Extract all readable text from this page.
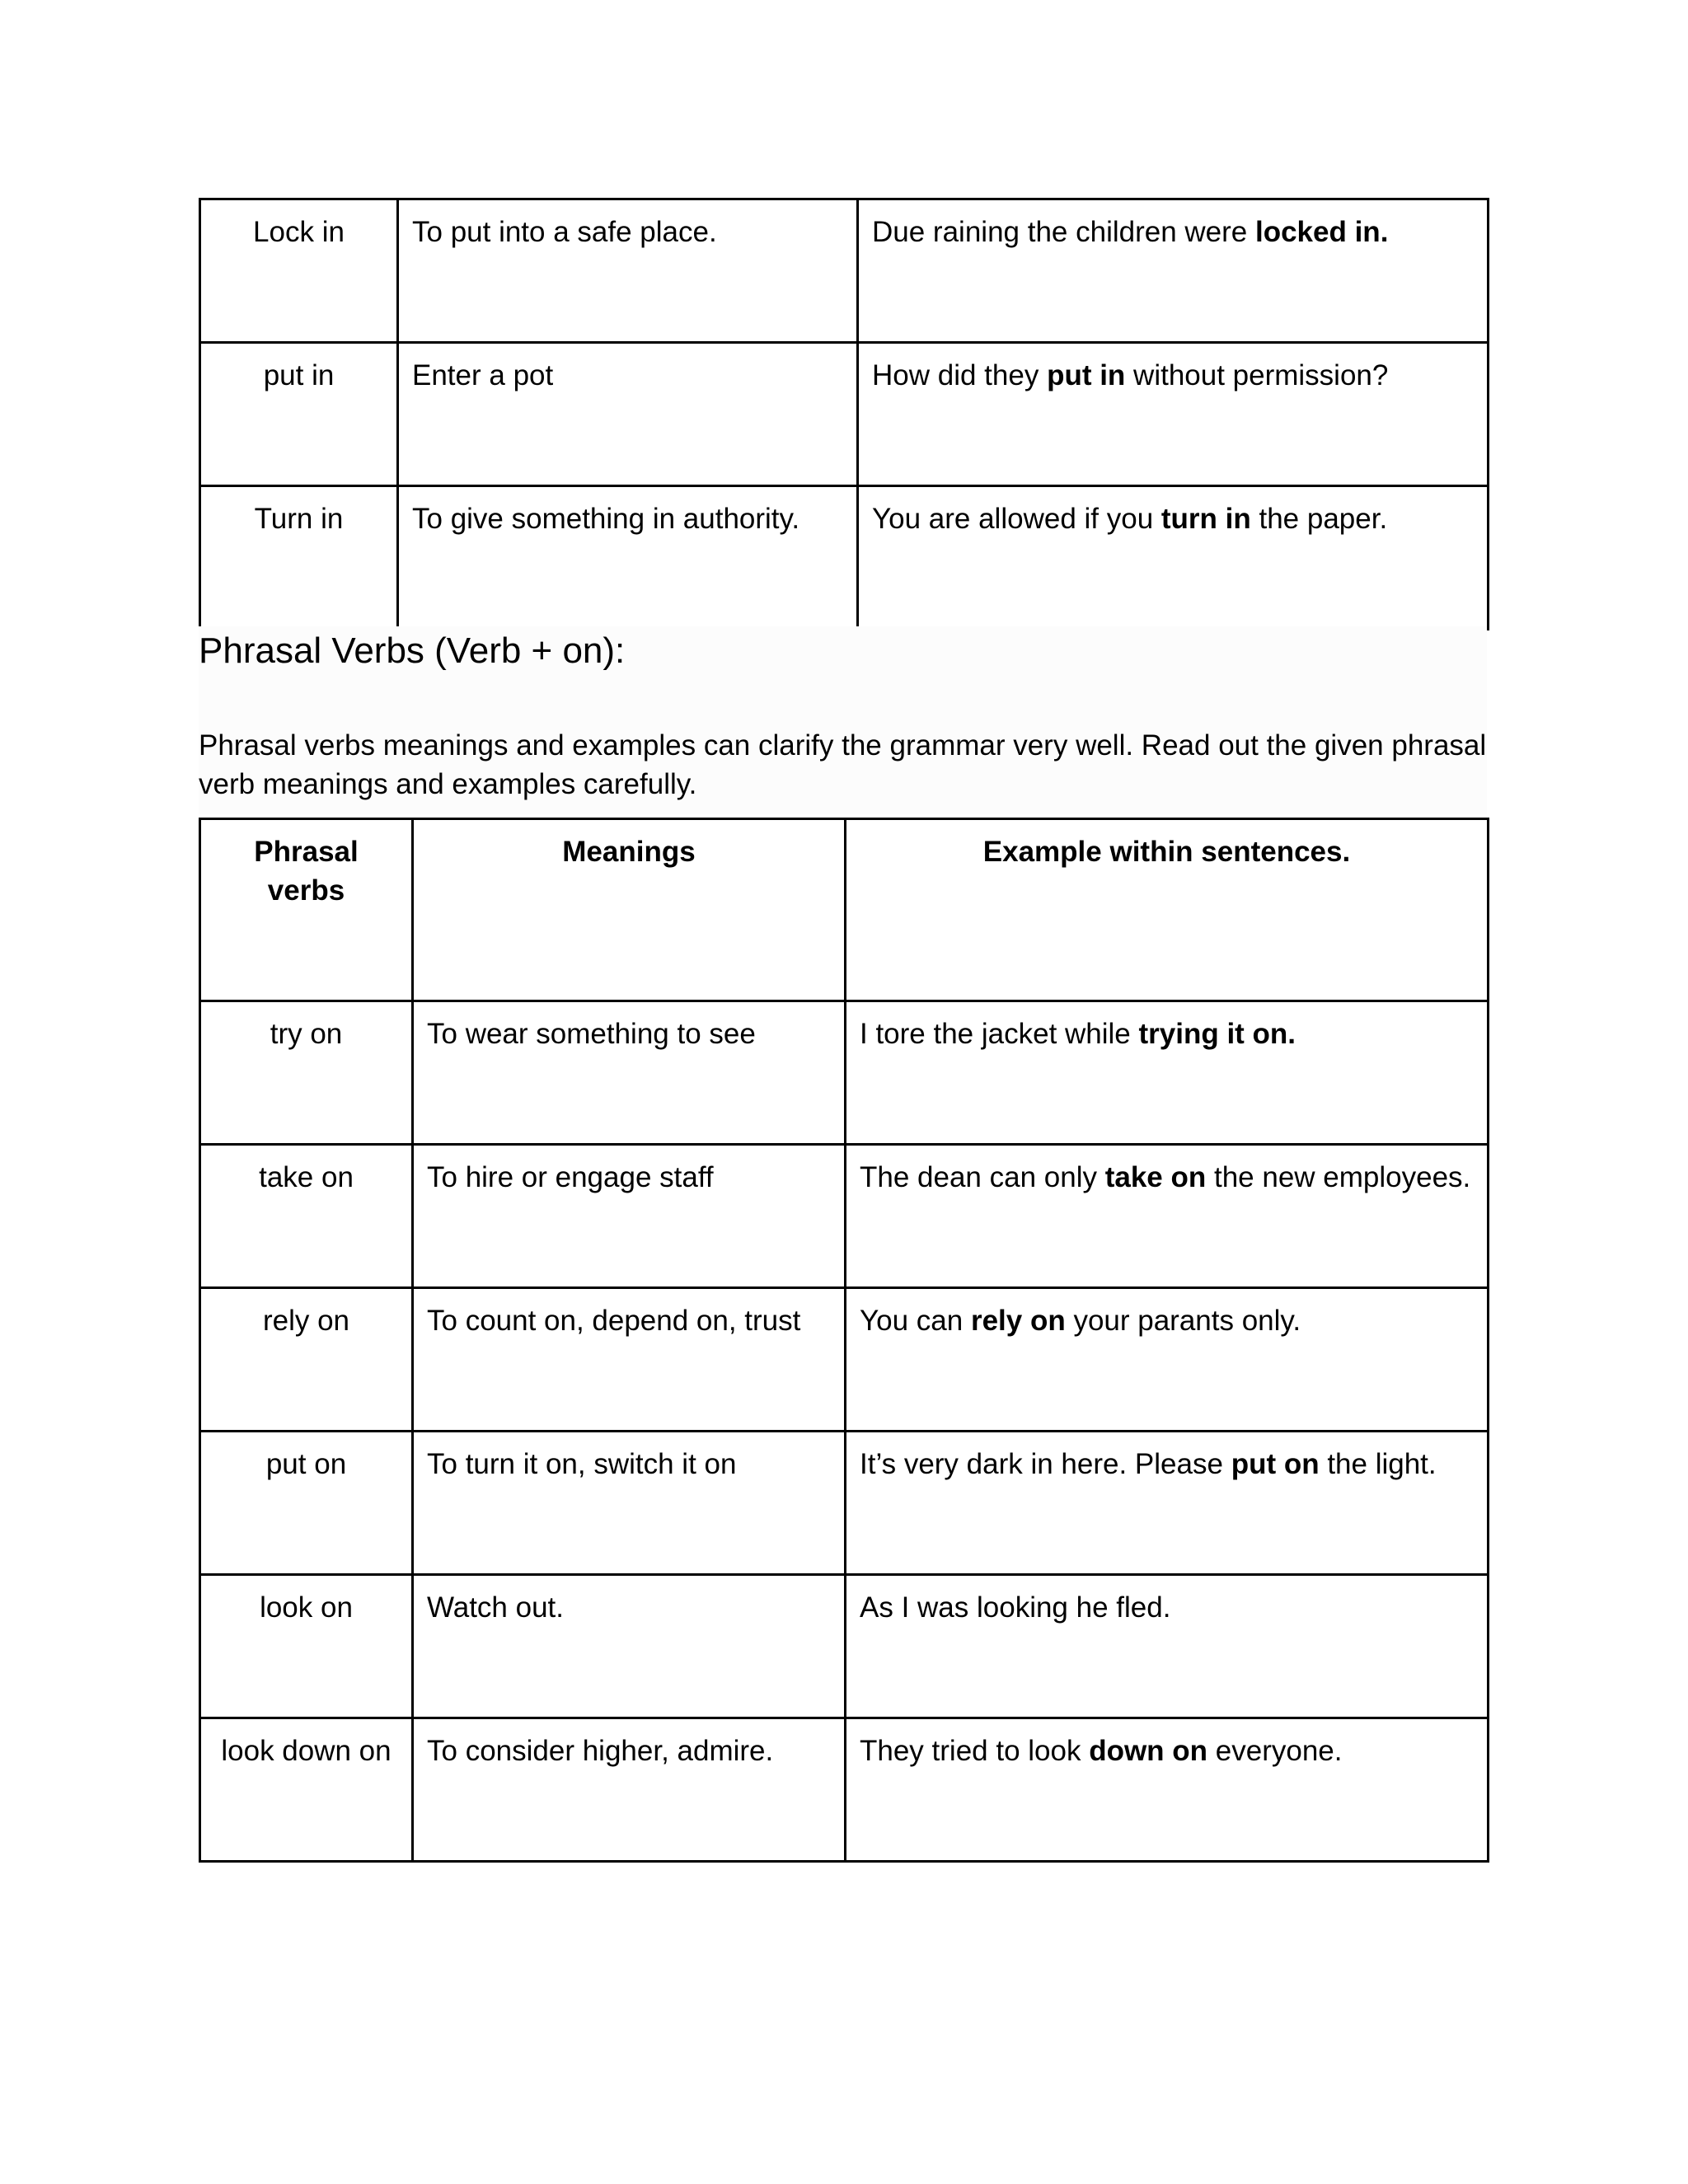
Lock in	To put into a safe place.	Due raining the children were locked in.
put in	Enter a pot	How did they put in without permission?
Turn in	To give something in authority.	You are allowed if you turn in the paper.
Phrasal Verbs (Verb + on):

Phrasal verbs meanings and examples can clarify the grammar very well. Read out the given phrasal verb meanings and examples carefully.

Phrasal verbs	Meanings	Example within sentences.
try on	To wear something to see	I tore the jacket while trying it on.
take on	To hire or engage staff	The dean can only take on the new employees.
rely on	To count on, depend on, trust	You can rely on your parants only.
put on	To turn it on, switch it on	It’s very dark in here. Please put on the light.
look on	Watch out.	As I was looking he fled.
look down on	To consider higher, admire.	They tried to look down on everyone.
